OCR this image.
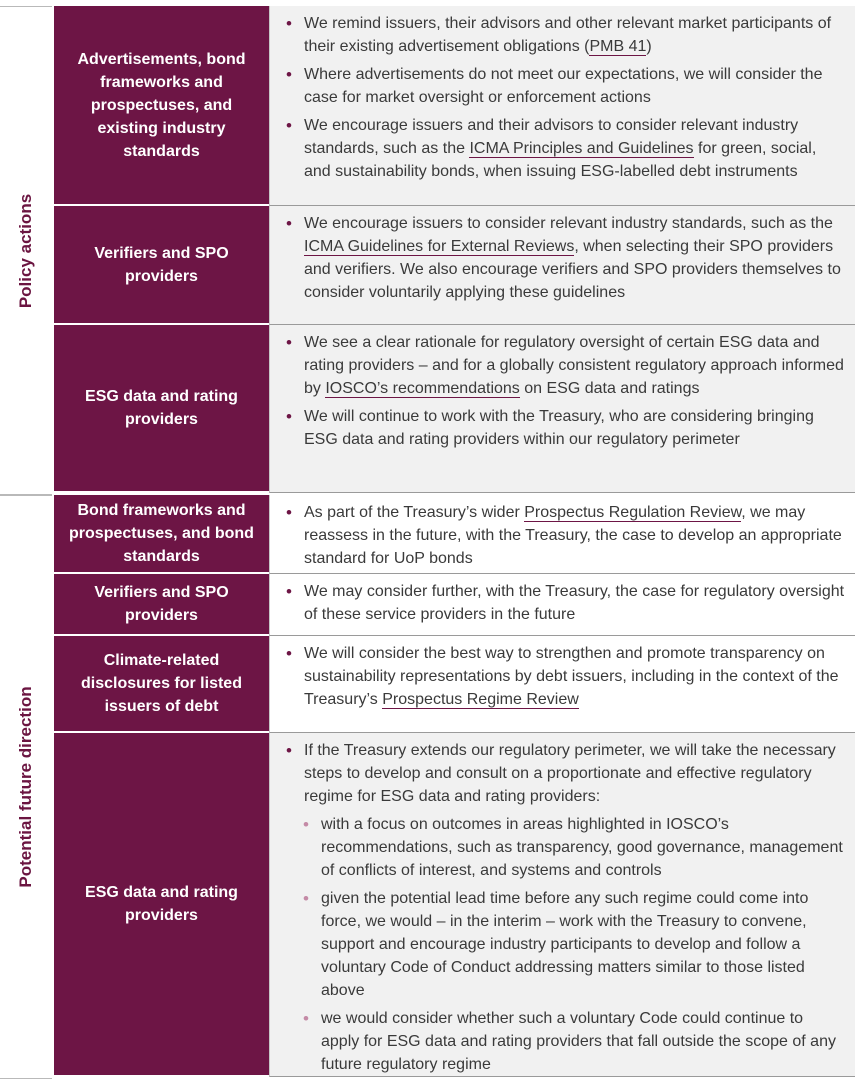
Policy actions
Potential future direction
Advertisements, bond frameworks and prospectuses, and existing industry standards
• We remind issuers, their advisors and other relevant market participants of their existing advertisement obligations (PMB 41)
• Where advertisements do not meet our expectations, we will consider the case for market oversight or enforcement actions
• We encourage issuers and their advisors to consider relevant industry standards, such as the ICMA Principles and Guidelines for green, social, and sustainability bonds, when issuing ESG-labelled debt instruments
Verifiers and SPO providers
• We encourage issuers to consider relevant industry standards, such as the ICMA Guidelines for External Reviews, when selecting their SPO providers and verifiers. We also encourage verifiers and SPO providers themselves to consider voluntarily applying these guidelines
ESG data and rating providers
• We see a clear rationale for regulatory oversight of certain ESG data and rating providers – and for a globally consistent regulatory approach informed by IOSCO’s recommendations on ESG data and ratings
• We will continue to work with the Treasury, who are considering bringing ESG data and rating providers within our regulatory perimeter
Bond frameworks and prospectuses, and bond standards
• As part of the Treasury’s wider Prospectus Regulation Review, we may reassess in the future, with the Treasury, the case to develop an appropriate standard for UoP bonds
Verifiers and SPO providers
• We may consider further, with the Treasury, the case for regulatory oversight of these service providers in the future
Climate-related disclosures for listed issuers of debt
• We will consider the best way to strengthen and promote transparency on sustainability representations by debt issuers, including in the context of the Treasury’s Prospectus Regime Review
ESG data and rating providers
• If the Treasury extends our regulatory perimeter, we will take the necessary steps to develop and consult on a proportionate and effective regulatory regime for ESG data and rating providers:
• with a focus on outcomes in areas highlighted in IOSCO’s recommendations, such as transparency, good governance, management of conflicts of interest, and systems and controls
• given the potential lead time before any such regime could come into force, we would – in the interim – work with the Treasury to convene, support and encourage industry participants to develop and follow a voluntary Code of Conduct addressing matters similar to those listed above
• we would consider whether such a voluntary Code could continue to apply for ESG data and rating providers that fall outside the scope of any future regulatory regime
